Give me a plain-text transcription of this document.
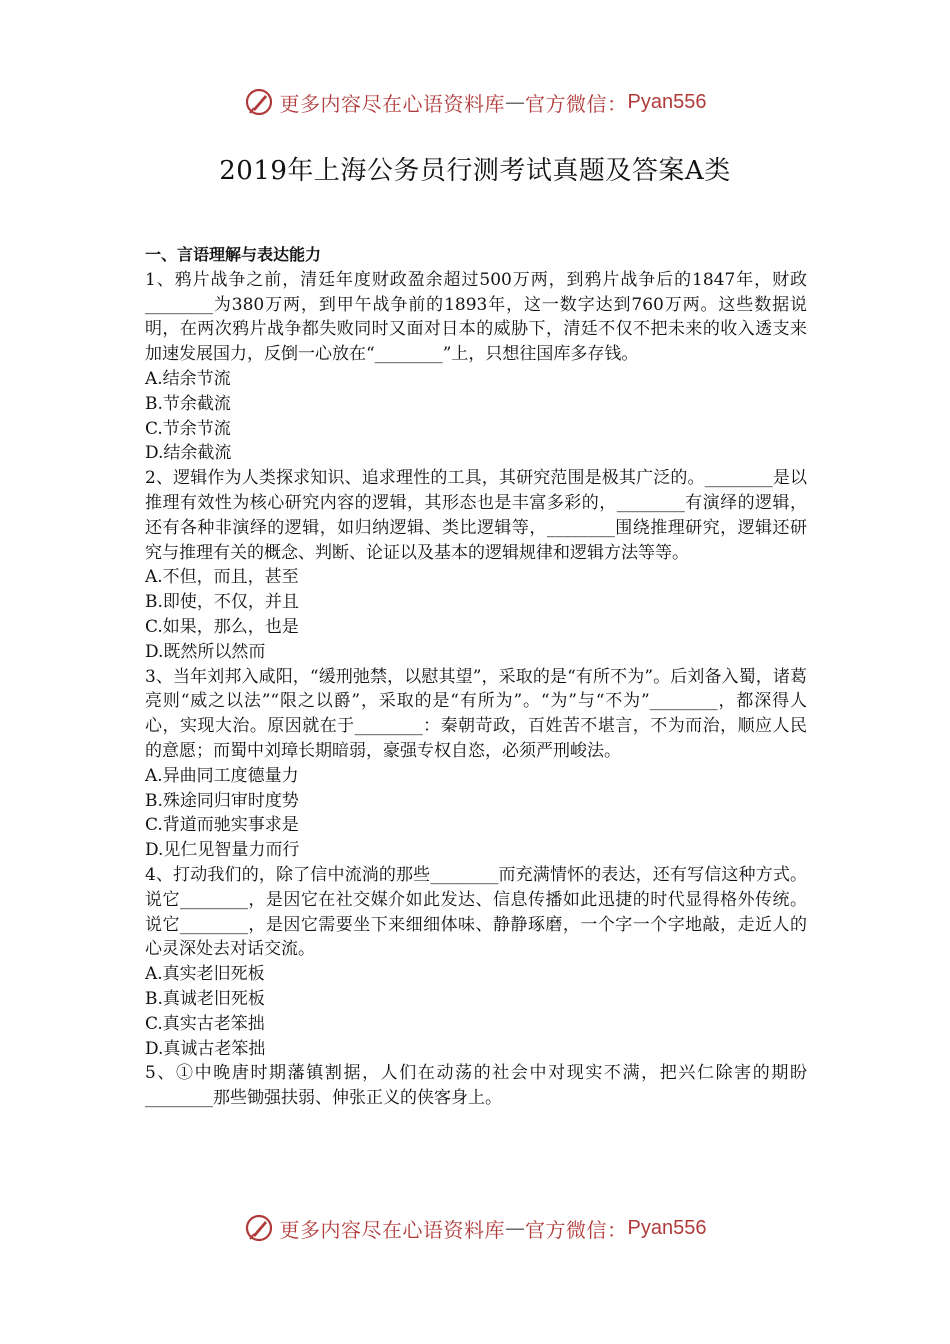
更多内容尽在心语资料库 — 官方微信： Pyan556
2019年上海公务员行测考试真题及答案A类

一、言语理解与表达能力

1、鸦片战争之前，清廷年度财政盈余超过500万两，到鸦片战争后的1847年，财政________为380万两，到甲午战争前的1893年，这一数字达到760万两。这些数据说明，在两次鸦片战争都失败同时又面对日本的威胁下，清廷不仅不把未来的收入透支来加速发展国力，反倒一心放在“________”上，只想往国库多存钱。

A.结余节流

B.节余截流

C.节余节流

D.结余截流

2、逻辑作为人类探求知识、追求理性的工具，其研究范围是极其广泛的。________是以推理有效性为核心研究内容的逻辑，其形态也是丰富多彩的，________有演绎的逻辑，还有各种非演绎的逻辑，如归纳逻辑、类比逻辑等，________围绕推理研究，逻辑还研究与推理有关的概念、判断、论证以及基本的逻辑规律和逻辑方法等等。

A.不但，而且，甚至

B.即使，不仅，并且

C.如果，那么，也是

D.既然所以然而

3、当年刘邦入咸阳，“缓刑弛禁，以慰其望”，采取的是“有所不为”。后刘备入蜀，诸葛亮则“威之以法”“限之以爵”，采取的是“有所为”。“为”与“不为”________，都深得人心，实现大治。原因就在于________：秦朝苛政，百姓苦不堪言，不为而治，顺应人民的意愿；而蜀中刘璋长期暗弱，豪强专权自恣，必须严刑峻法。

A.异曲同工度德量力

B.殊途同归审时度势

C.背道而驰实事求是

D.见仁见智量力而行

4、打动我们的，除了信中流淌的那些________而充满情怀的表达，还有写信这种方式。说它________，是因它在社交媒介如此发达、信息传播如此迅捷的时代显得格外传统。说它________，是因它需要坐下来细细体味、静静琢磨，一个字一个字地敲，走近人的心灵深处去对话交流。

A.真实老旧死板

B.真诚老旧死板

C.真实古老笨拙

D.真诚古老笨拙

5、①中晚唐时期藩镇割据，人们在动荡的社会中对现实不满，把兴仁除害的期盼________那些锄强扶弱、伸张正义的侠客身上。

更多内容尽在心语资料库 — 官方微信： Pyan556
